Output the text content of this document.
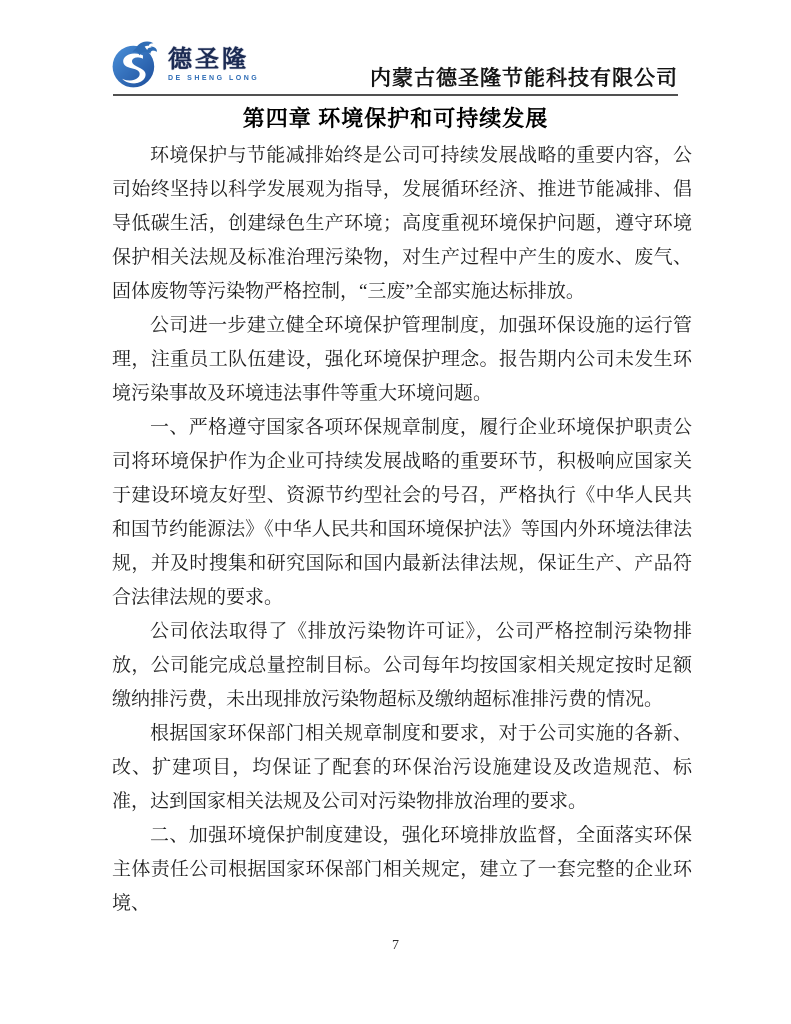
德圣隆
DE SHENG LONG	内蒙古德圣隆节能科技有限公司
第四章 环境保护和可持续发展

环境保护与节能减排始终是公司可持续发展战略的重要内容，公司始终坚持以科学发展观为指导，发展循环经济、推进节能减排、倡导低碳生活，创建绿色生产环境；高度重视环境保护问题，遵守环境保护相关法规及标准治理污染物，对生产过程中产生的废水、废气、固体废物等污染物严格控制，“三废”全部实施达标排放。

公司进一步建立健全环境保护管理制度，加强环保设施的运行管理，注重员工队伍建设，强化环境保护理念。报告期内公司未发生环境污染事故及环境违法事件等重大环境问题。

一、严格遵守国家各项环保规章制度，履行企业环境保护职责公司将环境保护作为企业可持续发展战略的重要环节，积极响应国家关于建设环境友好型、资源节约型社会的号召，严格执行《中华人民共和国节约能源法》《中华人民共和国环境保护法》等国内外环境法律法规，并及时搜集和研究国际和国内最新法律法规，保证生产、产品符合法律法规的要求。

公司依法取得了《排放污染物许可证》，公司严格控制污染物排放，公司能完成总量控制目标。公司每年均按国家相关规定按时足额缴纳排污费，未出现排放污染物超标及缴纳超标准排污费的情况。

根据国家环保部门相关规章制度和要求，对于公司实施的各新、改、扩建项目，均保证了配套的环保治污设施建设及改造规范、标准，达到国家相关法规及公司对污染物排放治理的要求。

二、加强环境保护制度建设，强化环境排放监督，全面落实环保主体责任公司根据国家环保部门相关规定，建立了一套完整的企业环境、

7
